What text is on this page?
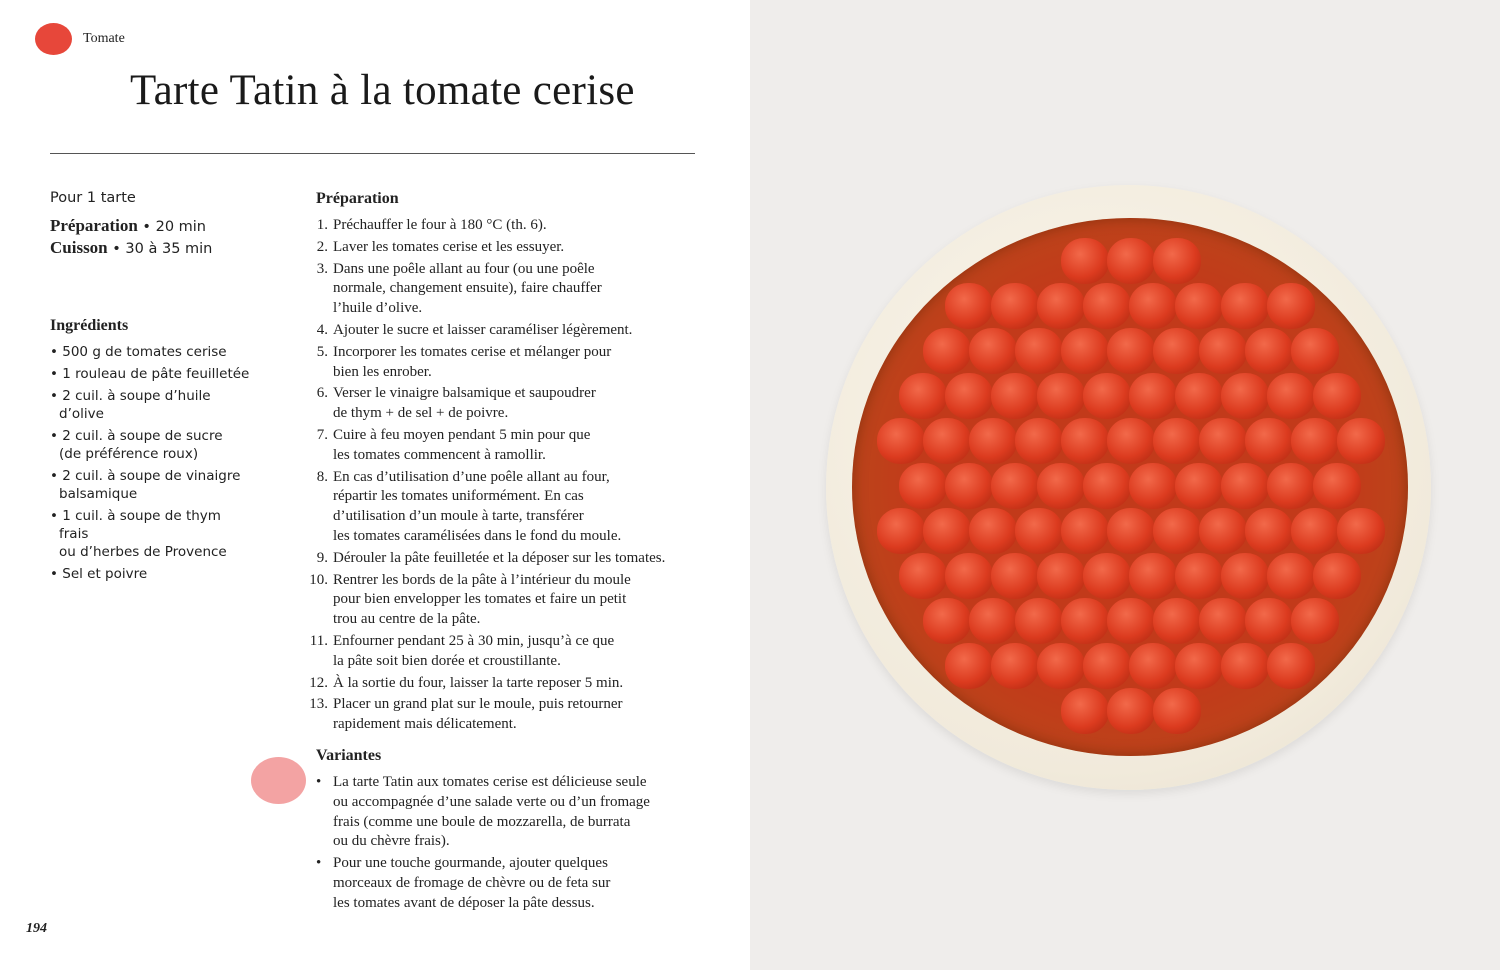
Tomate
Tarte Tatin à la tomate cerise
Pour 1 tarte
Préparation • 20 min
Cuisson • 30 à 35 min
Ingrédients
• 500 g de tomates cerise
• 1 rouleau de pâte feuilletée
• 2 cuil. à soupe d’huile
d’olive
• 2 cuil. à soupe de sucre
(de préférence roux)
• 2 cuil. à soupe de vinaigre
balsamique
• 1 cuil. à soupe de thym frais
ou d’herbes de Provence
• Sel et poivre
Préparation
1. Préchauffer le four à 180 °C (th. 6).
2. Laver les tomates cerise et les essuyer.
3. Dans une poêle allant au four (ou une poêle
normale, changement ensuite), faire chauffer
l’huile d’olive.
4. Ajouter le sucre et laisser caraméliser légèrement.
5. Incorporer les tomates cerise et mélanger pour
bien les enrober.
6. Verser le vinaigre balsamique et saupoudrer
de thym + de sel + de poivre.
7. Cuire à feu moyen pendant 5 min pour que
les tomates commencent à ramollir.
8. En cas d’utilisation d’une poêle allant au four,
répartir les tomates uniformément. En cas
d’utilisation d’un moule à tarte, transférer
les tomates caramélisées dans le fond du moule.
9. Dérouler la pâte feuilletée et la déposer sur les tomates.
10. Rentrer les bords de la pâte à l’intérieur du moule
pour bien envelopper les tomates et faire un petit
trou au centre de la pâte.
11. Enfourner pendant 25 à 30 min, jusqu’à ce que
la pâte soit bien dorée et croustillante.
12. À la sortie du four, laisser la tarte reposer 5 min.
13. Placer un grand plat sur le moule, puis retourner
rapidement mais délicatement.
Variantes
• La tarte Tatin aux tomates cerise est délicieuse seule
ou accompagnée d’une salade verte ou d’un fromage
frais (comme une boule de mozzarella, de burrata
ou du chèvre frais).
• Pour une touche gourmande, ajouter quelques
morceaux de fromage de chèvre ou de feta sur
les tomates avant de déposer la pâte dessus.
194
